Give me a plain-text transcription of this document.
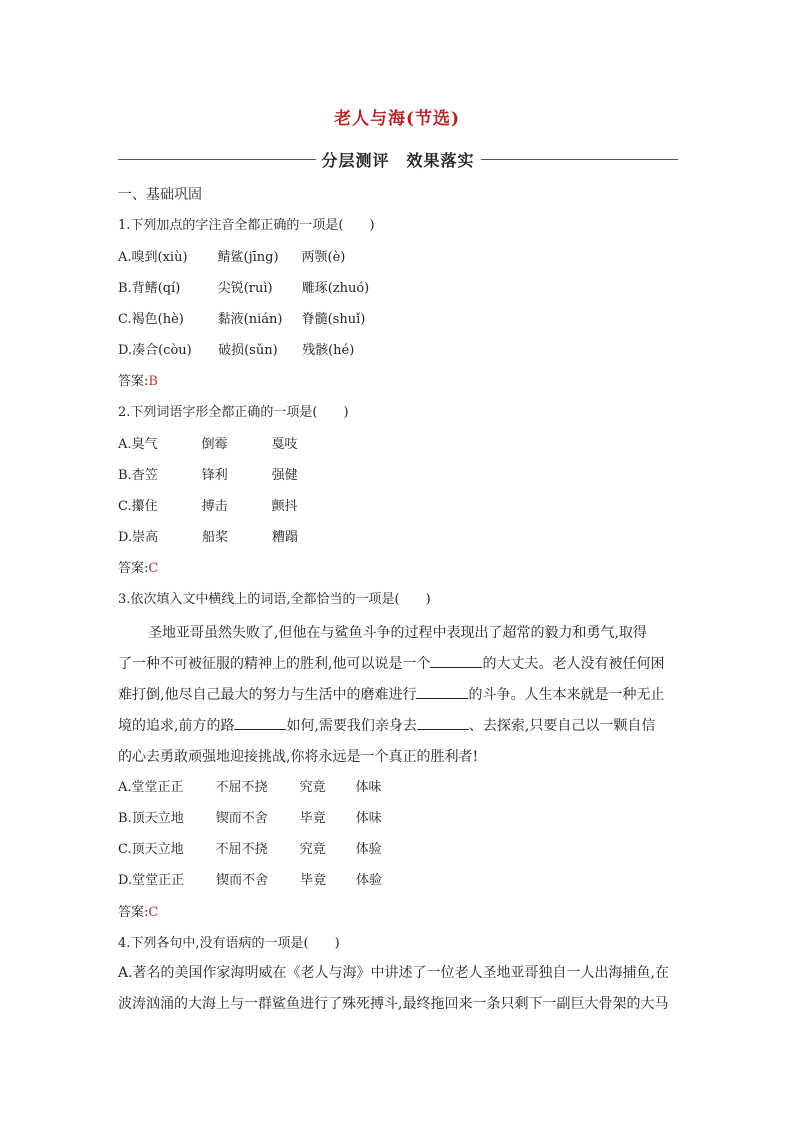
老人与海(节选)
分层测评　效果落实
一、基础巩固
1.下列加点的字注音全都正确的一项是(　　)
A.嗅到(xiù) 鲭鲨(jīng) 两颚(è)
B.背鳍(qí)	尖锐(ruì) 雕琢(zhuó)
C.褐色(hè)	黏液(nián) 脊髓(shuǐ)
D.凑合(còu) 破损(sǔn) 残骸(hé)
答案:B
2.下列词语字形全都正确的一项是(　　)
A.臭气	倒霉	戛吱
B.杳笠	锋利	强健
C.攥住	搏击	颤抖
D.崇高	船桨	糟蹋
答案:C
3.依次填入文中横线上的词语,全都恰当的一项是(　　)
圣地亚哥虽然失败了,但他在与鲨鱼斗争的过程中表现出了超常的毅力和勇气,取得
了一种不可被征服的精神上的胜利,他可以说是一个	的大丈夫。老人没有被任何困
难打倒,他尽自己最大的努力与生活中的磨难进行	的斗争。人生本来就是一种无止
境的追求,前方的路	如何,需要我们亲身去	、去探索,只要自己以一颗自信
的心去勇敢顽强地迎接挑战,你将永远是一个真正的胜利者!
A.堂堂正正 不屈不挠 究竟 体味
B.顶天立地 锲而不舍 毕竟 体味
C.顶天立地 不屈不挠 究竟 体验
D.堂堂正正 锲而不舍 毕竟 体验
答案:C
4.下列各句中,没有语病的一项是(　　)
A.著名的美国作家海明威在《老人与海》中讲述了一位老人圣地亚哥独自一人出海捕鱼,在
波涛汹涌的大海上与一群鲨鱼进行了殊死搏斗,最终拖回来一条只剩下一副巨大骨架的大马
